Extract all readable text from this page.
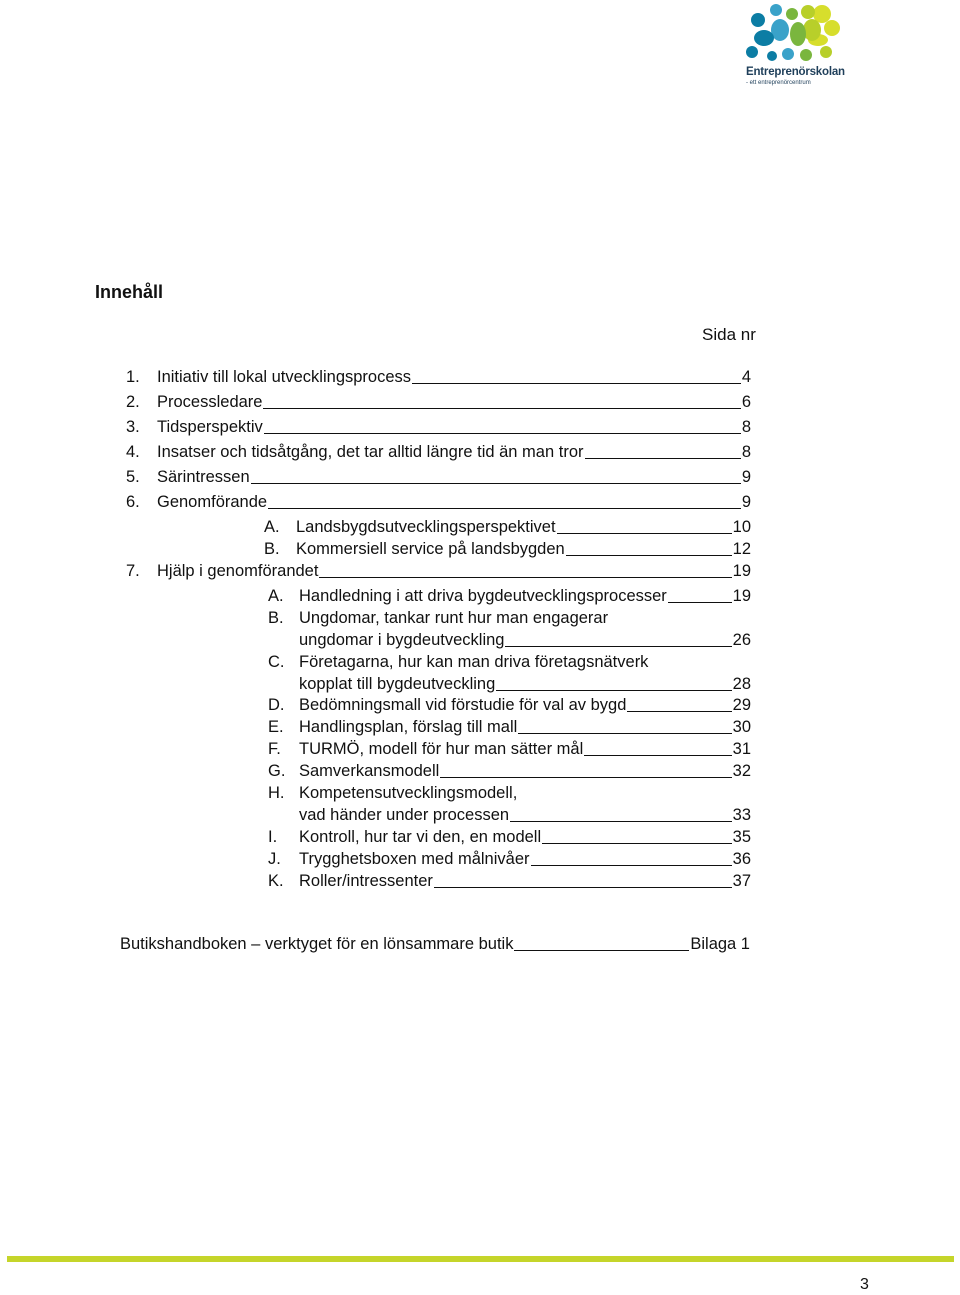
Entreprenörskolan
- ett entreprenörcentrum
Innehåll
Sida nr
1. Initiativ till lokal utvecklingsprocess	4
2. Processledare	6
3. Tidsperspektiv	8
4. Insatser och tidsåtgång, det tar alltid längre tid än man tror	8
5. Särintressen	9
6. Genomförande	9
A. Landsbygdsutvecklingsperspektivet	10
B. Kommersiell service på landsbygden	12
7. Hjälp i genomförandet	19
A. Handledning i att driva bygdeutvecklingsprocesser	19
B. Ungdomar, tankar runt hur man engagerar
ungdomar i bygdeutveckling	26
C. Företagarna, hur kan man driva företagsnätverk
kopplat till bygdeutveckling	28
D. Bedömningsmall vid förstudie för val av bygd	29
E. Handlingsplan, förslag till mall	30
F. TURMÖ, modell för hur man sätter mål	31
G. Samverkansmodell	32
H. Kompetensutvecklingsmodell,
vad händer under processen	33
I. Kontroll, hur tar vi den, en modell	35
J. Trygghetsboxen med målnivåer	36
K. Roller/intressenter	37
Butikshandboken – verktyget för en lönsammare butik	Bilaga 1
3
